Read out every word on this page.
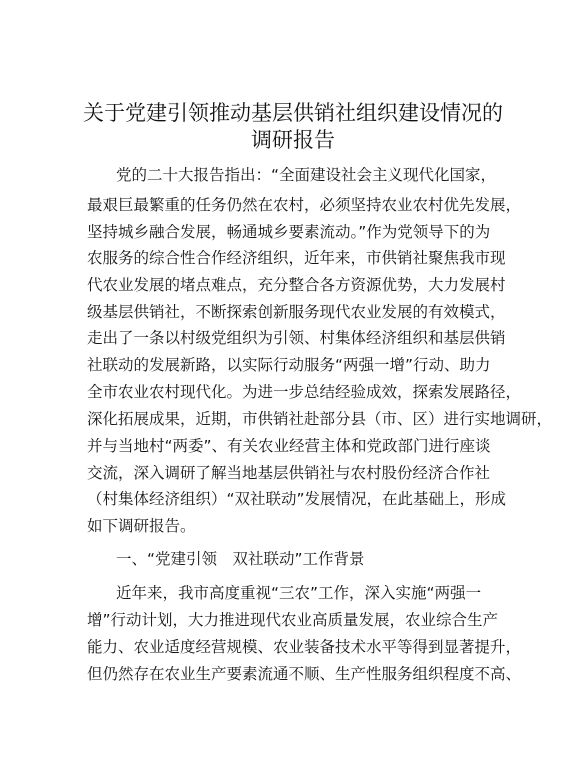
关于党建引领推动基层供销社组织建设情况的
调研报告

党的二十大报告指出：“全面建设社会主义现代化国家，

最艰巨最繁重的任务仍然在农村，必须坚持农业农村优先发展，

坚持城乡融合发展，畅通城乡要素流动。”作为党领导下的为

农服务的综合性合作经济组织，近年来，市供销社聚焦我市现

代农业发展的堵点难点，充分整合各方资源优势，大力发展村

级基层供销社，不断探索创新服务现代农业发展的有效模式，

走出了一条以村级党组织为引领、村集体经济组织和基层供销

社联动的发展新路，以实际行动服务“两强一增”行动、助力

全市农业农村现代化。为进一步总结经验成效，探索发展路径，

深化拓展成果，近期，市供销社赴部分县（市、区）进行实地调研，

并与当地村“两委”、有关农业经营主体和党政部门进行座谈

交流，深入调研了解当地基层供销社与农村股份经济合作社

（村集体经济组织）“双社联动”发展情况，在此基础上，形成

如下调研报告。

一、“党建引领　双社联动”工作背景

近年来，我市高度重视“三农”工作，深入实施“两强一

增”行动计划，大力推进现代农业高质量发展，农业综合生产

能力、农业适度经营规模、农业装备技术水平等得到显著提升，

但仍然存在农业生产要素流通不顺、生产性服务组织程度不高、
